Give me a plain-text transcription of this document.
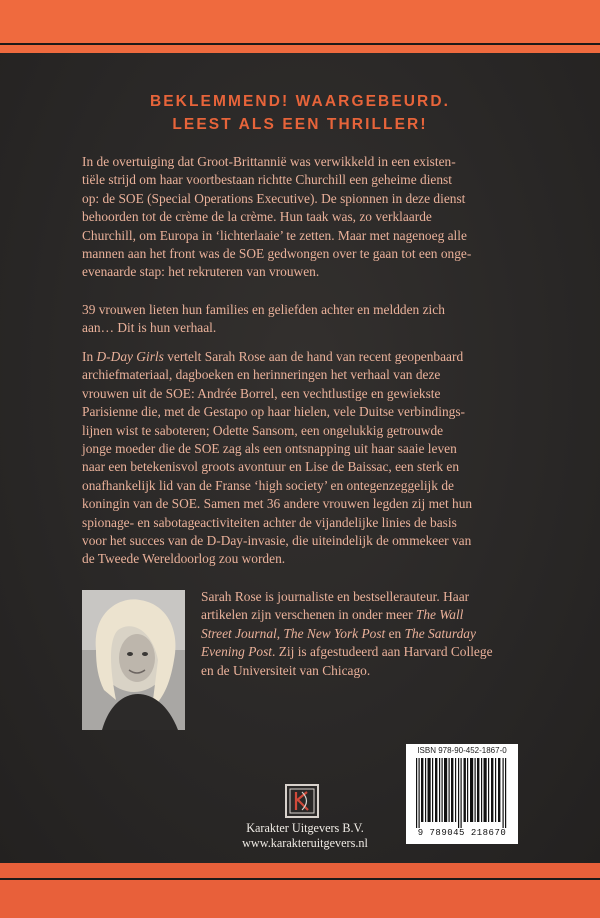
BEKLEMMEND! WAARGEBEURD.
LEEST ALS EEN THRILLER!
In de overtuiging dat Groot-Brittannië was verwikkeld in een existen-
tiële strijd om haar voortbestaan richtte Churchill een geheime dienst
op: de SOE (Special Operations Executive). De spionnen in deze dienst
behoorden tot de crème de la crème. Hun taak was, zo verklaarde
Churchill, om Europa in ‘lichterlaaie’ te zetten. Maar met nagenoeg alle
mannen aan het front was de SOE gedwongen over te gaan tot een onge-
evenaarde stap: het rekruteren van vrouwen.
39 vrouwen lieten hun families en geliefden achter en meldden zich
aan… Dit is hun verhaal.
In D-Day Girls vertelt Sarah Rose aan de hand van recent geopenbaard
archiefmateriaal, dagboeken en herinneringen het verhaal van deze
vrouwen uit de SOE: Andrée Borrel, een vechtlustige en gewiekste
Parisienne die, met de Gestapo op haar hielen, vele Duitse verbindings-
lijnen wist te saboteren; Odette Sansom, een ongelukkig getrouwde
jonge moeder die de SOE zag als een ontsnapping uit haar saaie leven
naar een betekenisvol groots avontuur en Lise de Baissac, een sterk en
onafhankelijk lid van de Franse ‘high society’ en ontegenzeggelijk de
koningin van de SOE. Samen met 36 andere vrouwen legden zij met hun
spionage- en sabotageactiviteiten achter de vijandelijke linies de basis
voor het succes van de D-Day-invasie, die uiteindelijk de ommekeer van
de Tweede Wereldoorlog zou worden.
Sarah Rose is journaliste en bestsellerauteur. Haar
artikelen zijn verschenen in onder meer The Wall
Street Journal, The New York Post en The Saturday
Evening Post. Zij is afgestudeerd aan Harvard College
en de Universiteit van Chicago.
Karakter Uitgevers B.V.
www.karakteruitgevers.nl
ISBN 978-90-452-1867-0
9 789045 218670
